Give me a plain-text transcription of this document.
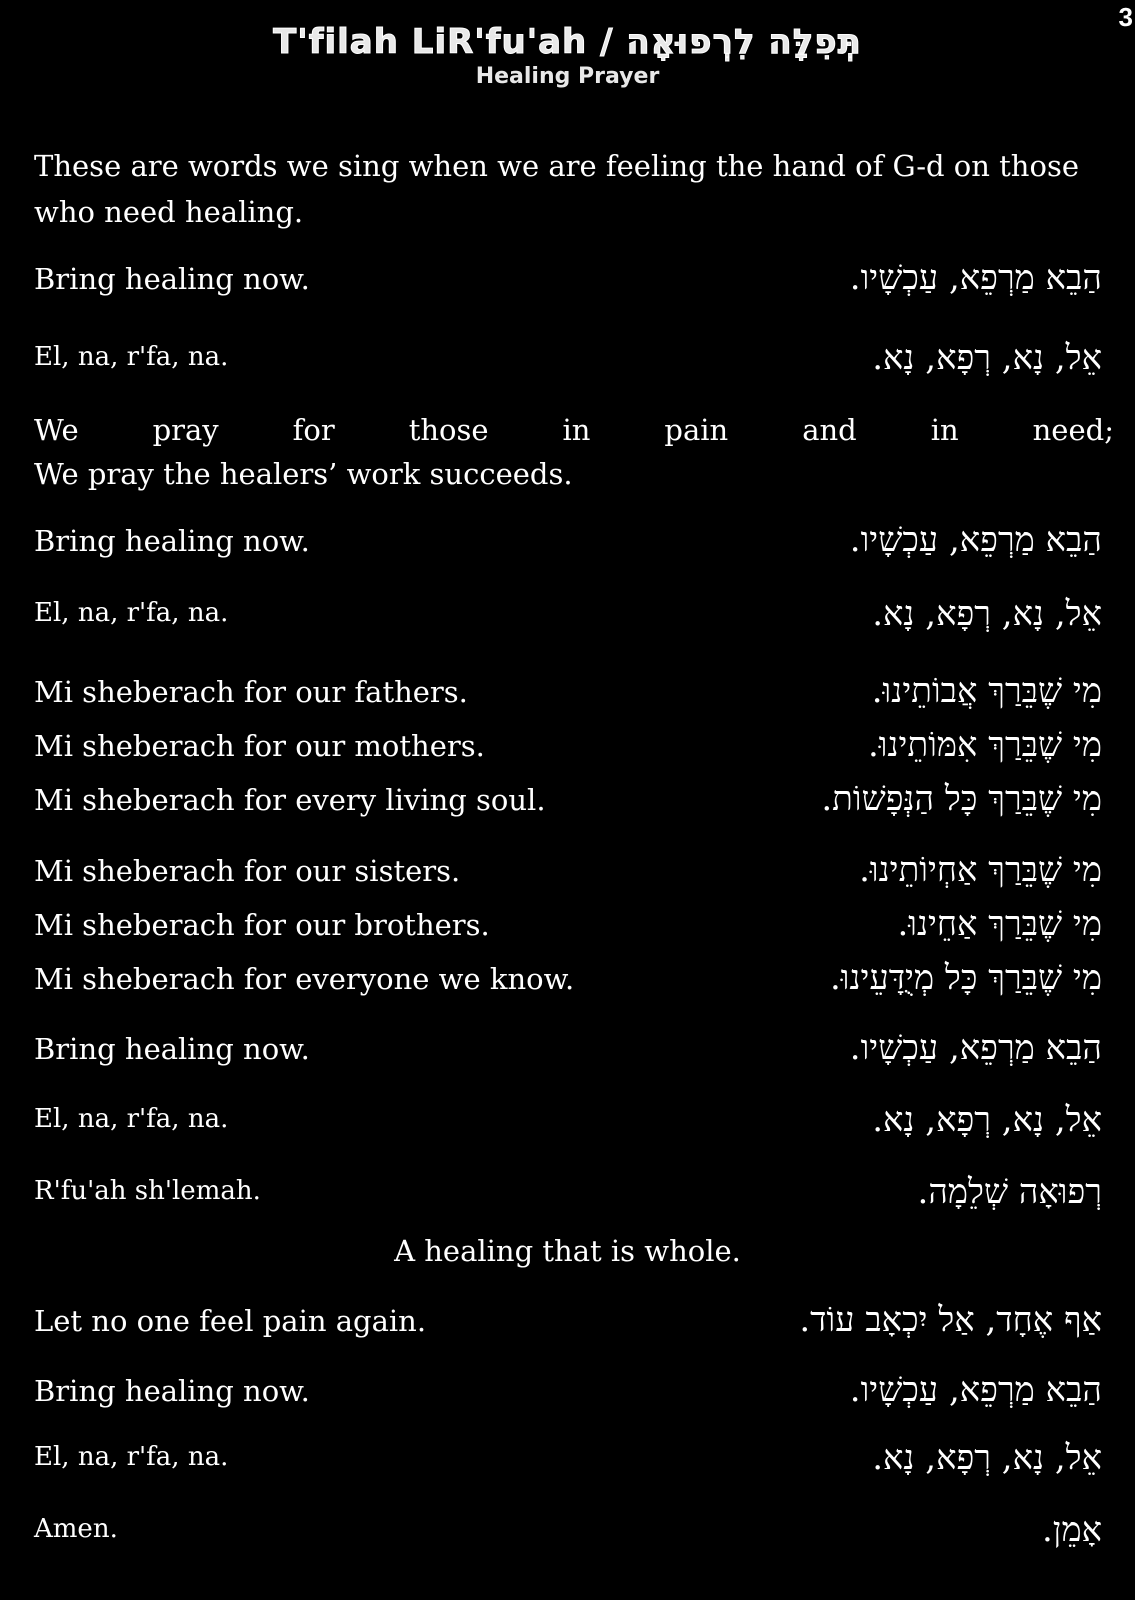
3
T'filah LiR'fu'ah / תְּפִלָּה לִרְפוּאָה
Healing Prayer
These are words we sing when we are feeling the hand of G-d on those who need healing.
Bring healing now.	הַבֵא מַרְפֵא, עַכְשָׁיו.
El, na, r'fa, na.	אֵל, נָא, רְפָא, נָא.
We	pray	for	those	in	pain	and	in	need;
We pray the healers’ work succeeds.
Bring healing now.	הַבֵא מַרְפֵא, עַכְשָׁיו.
El, na, r'fa, na.	אֵל, נָא, רְפָא, נָא.
Mi sheberach for our fathers.	מִי שֶׁבֵּרַךְ אֲבוֹתֵינוּ.
Mi sheberach for our mothers.	מִי שֶׁבֵּרַךְ אִמּוֹתֵינוּ.
Mi sheberach for every living soul.	מִי שֶׁבֵּרַךְ כָּל הַנְּפָשׁוֹת.
Mi sheberach for our sisters.	מִי שֶׁבֵּרַךְ אַחְיוֹתֵינוּ.
Mi sheberach for our brothers.	מִי שֶׁבֵּרַךְ אַחֵינוּ.
Mi sheberach for everyone we know.	מִי שֶׁבֵּרַךְ כָּל מְיֻדָּעֵינוּ.
Bring healing now.	הַבֵא מַרְפֵא, עַכְשָׁיו.
El, na, r'fa, na.	אֵל, נָא, רְפָא, נָא.
R'fu'ah sh'lemah.	רְפוּאָה שְׁלֵמָה.
A healing that is whole.
Let no one feel pain again.	אַף אֶחָד, אַל יִכְאָב עוֹד.
Bring healing now.	הַבֵא מַרְפֵא, עַכְשָׁיו.
El, na, r'fa, na.	אֵל, נָא, רְפָא, נָא.
Amen.	אָמֵן.
